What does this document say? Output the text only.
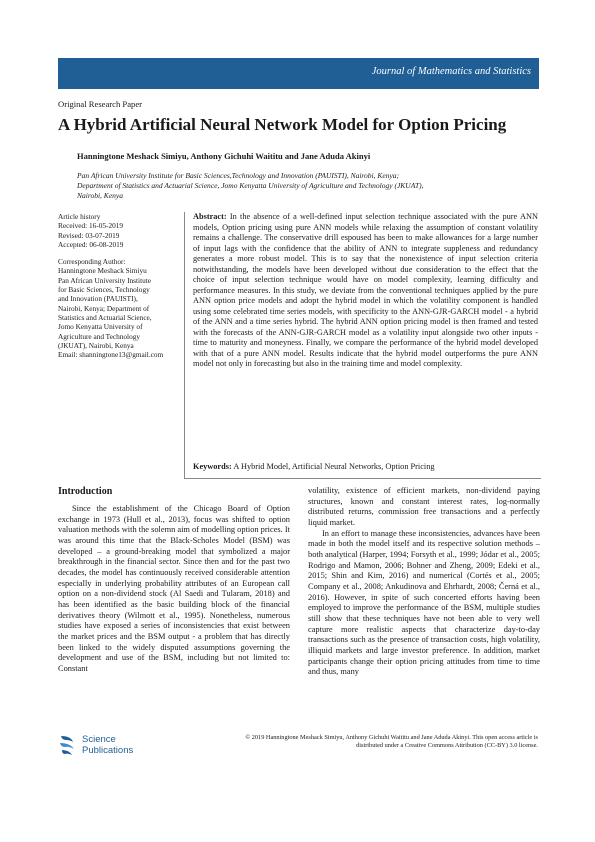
Journal of Mathematics and Statistics
Original Research Paper
A Hybrid Artificial Neural Network Model for Option Pricing
Hanningtone Meshack Simiyu, Anthony Gichuhi Waititu and Jane Aduda Akinyi
Pan African University Institute for Basic Sciences,Technology and Innovation (PAUISTI), Nairobi, Kenya;
Department of Statistics and Actuarial Science, Jomo Kenyatta University of Agriculture and Technology (JKUAT),
Nairobi, Kenya
Article history
Received: 16-05-2019
Revised: 03-07-2019
Accepted: 06-08-2019
Corresponding Author:
Hanningtone Meshack Simiyu
Pan African University Institute
for Basic Sciences, Technology
and Innovation (PAUISTI),
Nairobi, Kenya; Department of
Statistics and Actuarial Science,
Jomo Kenyatta University of
Agriculture and Technology
(JKUAT), Nairobi, Kenya
Email: shanningtone13@gmail.com
Abstract: In the absence of a well-defined input selection technique associated with the pure ANN models, Option pricing using pure ANN models while relaxing the assumption of constant volatility remains a challenge. The conservative drill espoused has been to make allowances for a large number of input lags with the confidence that the ability of ANN to integrate suppleness and redundancy generates a more robust model. This is to say that the nonexistence of input selection criteria notwithstanding, the models have been developed without due consideration to the effect that the choice of input selection technique would have on model complexity, learning difficulty and performance measures. In this study, we deviate from the conventional techniques applied by the pure ANN option price models and adopt the hybrid model in which the volatility component is handled using some celebrated time series models, with specificity to the ANN-GJR-GARCH model - a hybrid of the ANN and a time series hybrid. The hybrid ANN option pricing model is then framed and tested with the forecasts of the ANN-GJR-GARCH model as a volatility input alongside two other inputs - time to maturity and moneyness. Finally, we compare the performance of the hybrid model developed with that of a pure ANN model. Results indicate that the hybrid model outperforms the pure ANN model not only in forecasting but also in the training time and model complexity.
Keywords: A Hybrid Model, Artificial Neural Networks, Option Pricing
Introduction

Since the establishment of the Chicago Board of Option exchange in 1973 (Hull et al., 2013), focus was shifted to option valuation methods with the solemn aim of modelling option prices. It was around this time that the Black-Scholes Model (BSM) was developed – a ground-breaking model that symbolized a major breakthrough in the financial sector. Since then and for the past two decades, the model has continuously received considerable attention especially in underlying probability attributes of an European call option on a non-dividend stock (Al Saedi and Tularam, 2018) and has been identified as the basic building block of the financial derivatives theory (Wilmott et al., 1995). Nonetheless, numerous studies have exposed a series of inconsistencies that exist between the market prices and the BSM output - a problem that has directly been linked to the widely disputed assumptions governing the development and use of the BSM, including but not limited to: Constant

volatility, existence of efficient markets, non-dividend paying structures, known and constant interest rates, log-normally distributed returns, commission free transactions and a perfectly liquid market.

In an effort to manage these inconsistencies, advances have been made in both the model itself and its respective solution methods – both analytical (Harper, 1994; Forsyth et al., 1999; Jódar et al., 2005; Rodrigo and Mamon, 2006; Bohner and Zheng, 2009; Edeki et al., 2015; Shin and Kim, 2016) and numerical (Cortés et al., 2005; Company et al., 2008; Ankudinova and Ehrhardt, 2008; Černá et al., 2016). However, in spite of such concerted efforts having been employed to improve the performance of the BSM, multiple studies still show that these techniques have not been able to very well capture more realistic aspects that characterize day-to-day transactions such as the presence of transaction costs, high volatility, illiquid markets and large investor preference. In addition, market participants change their option pricing attitudes from time to time and thus, many

Science
Publications
© 2019 Hanningtone Meshack Simiyu, Anthony Gichuhi Waititu and Jane Aduda Akinyi. This open access article is
distributed under a Creative Commons Attribution (CC-BY) 3.0 license.
